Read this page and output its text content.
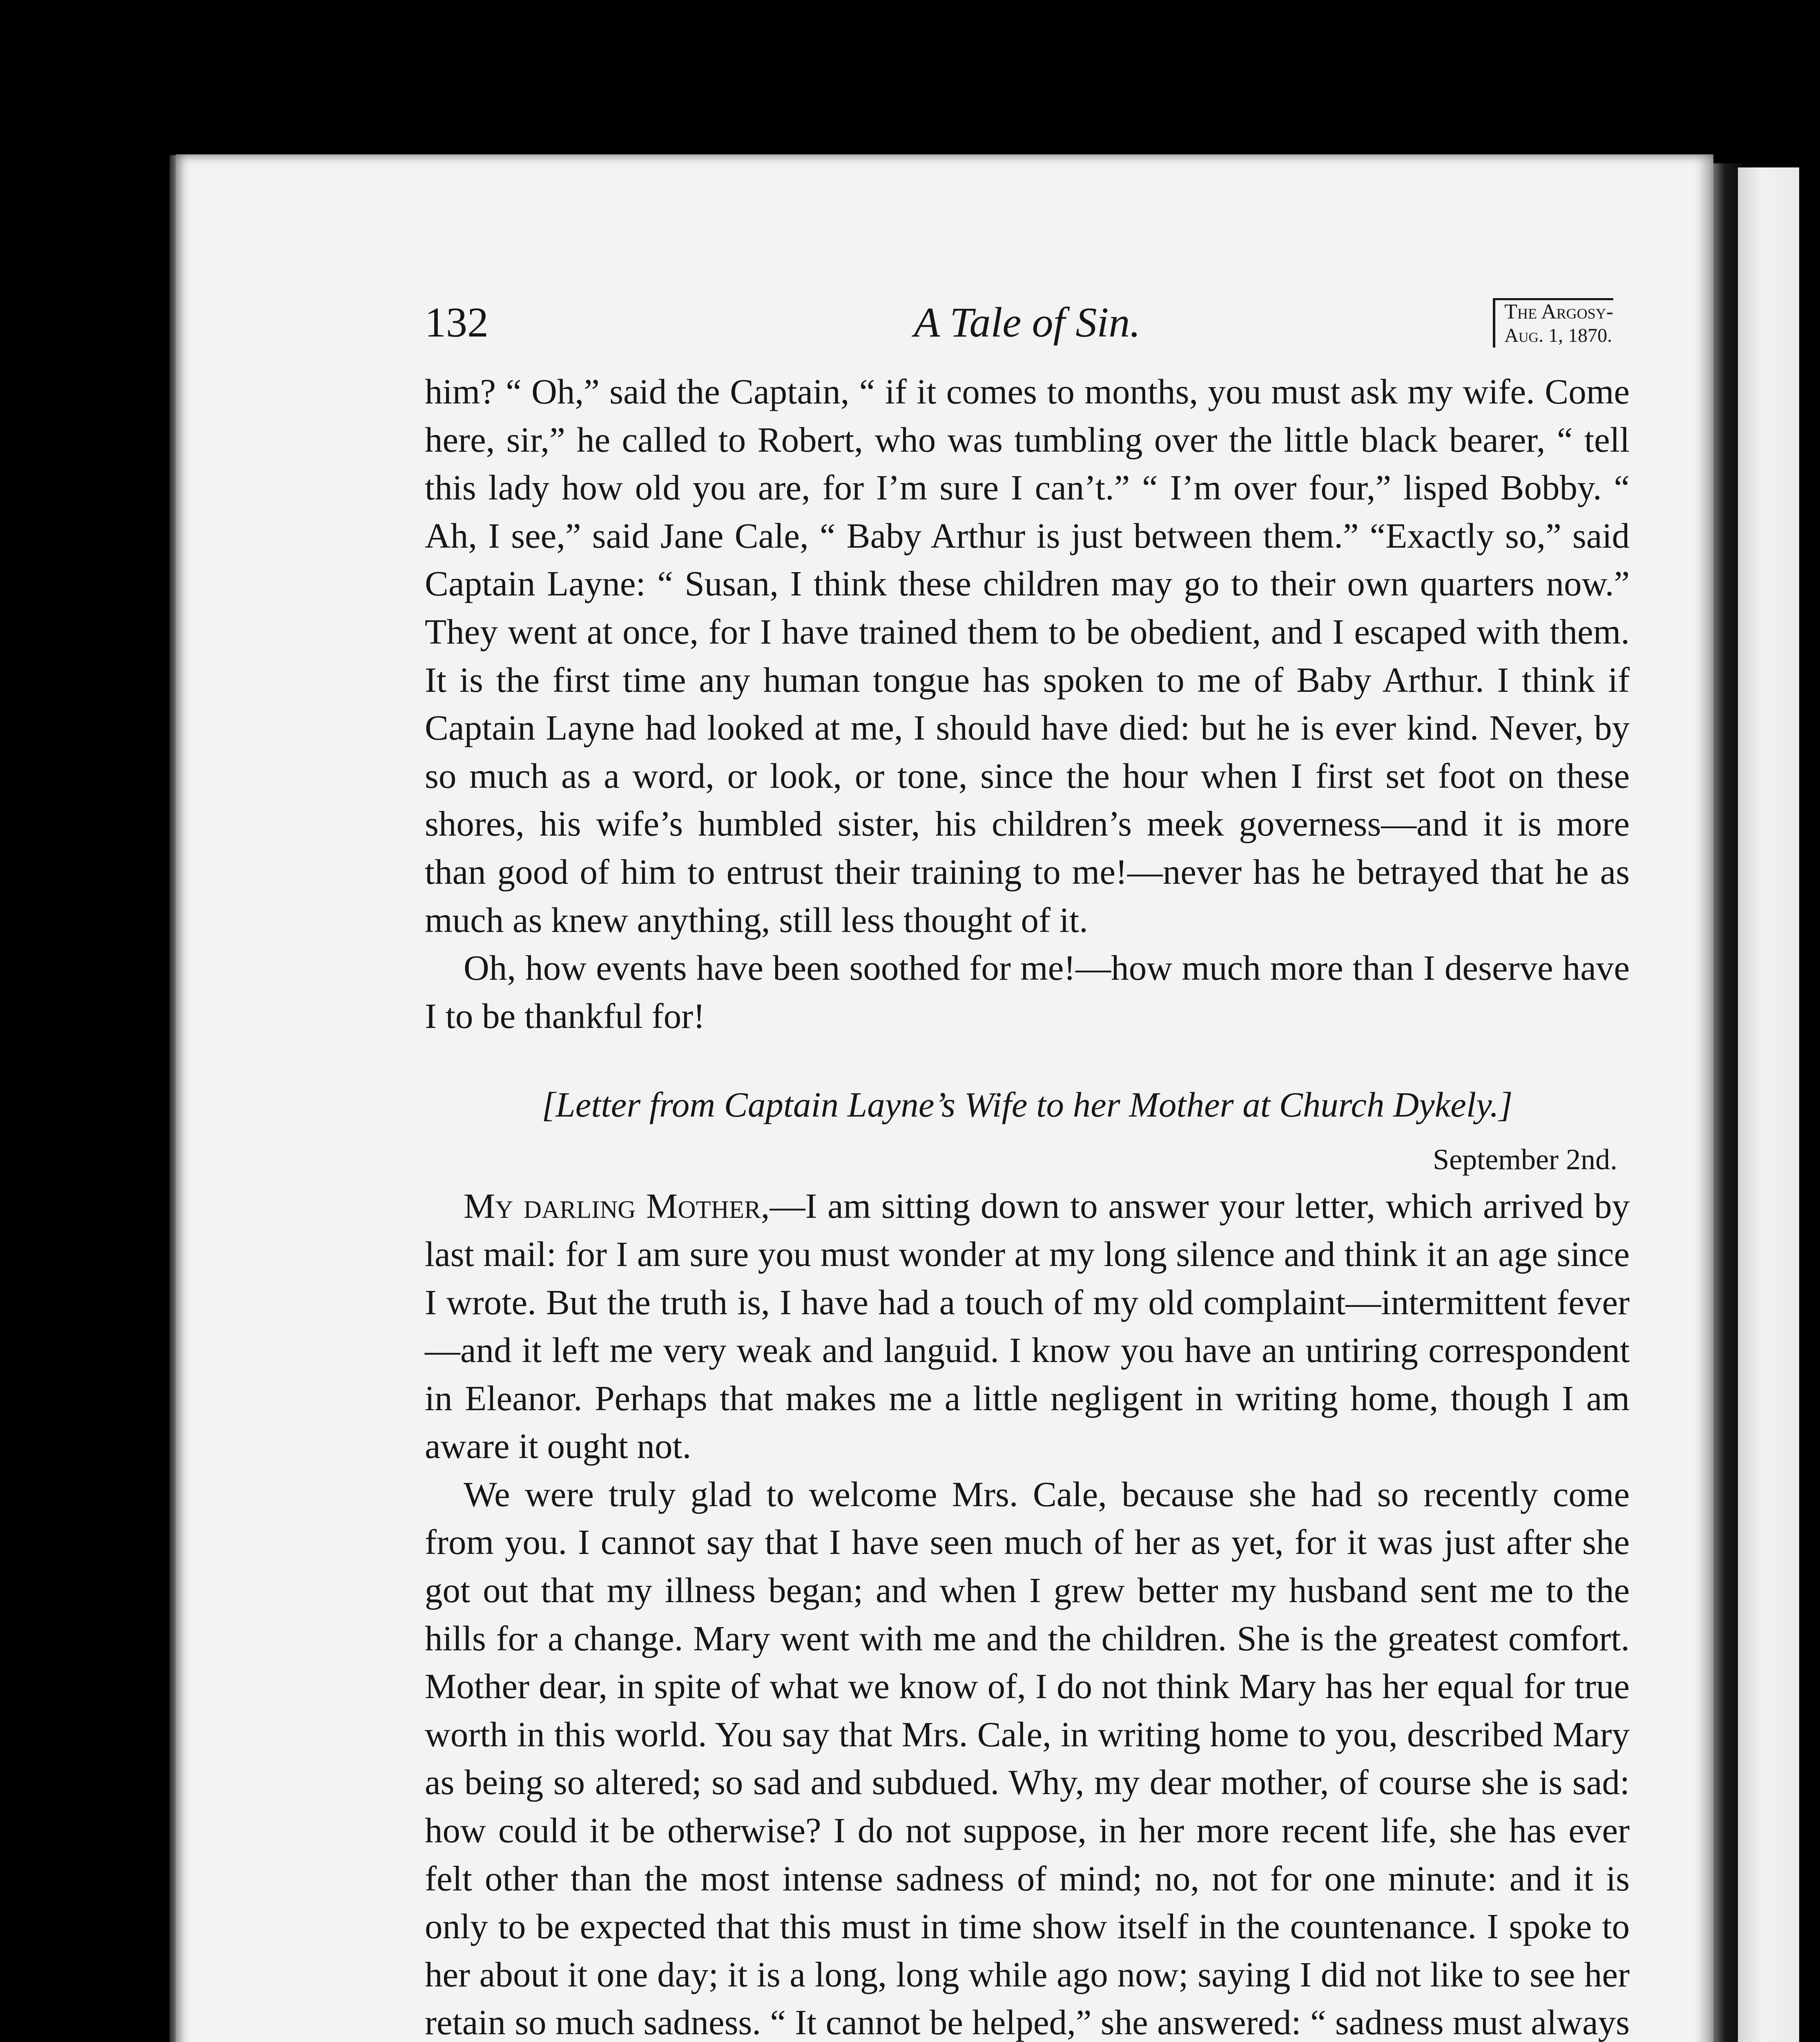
132	A Tale of Sin.	The Argosy-
Aug. 1, 1870.

him? “ Oh,” said the Captain, “ if it comes to months, you must ask my wife. Come here, sir,” he called to Robert, who was tumbling over the little black bearer, “ tell this lady how old you are, for I’m sure I can’t.” “ I’m over four,” lisped Bobby. “ Ah, I see,” said Jane Cale, “ Baby Arthur is just between them.” “Exactly so,” said Captain Layne: “ Susan, I think these children may go to their own quarters now.” They went at once, for I have trained them to be obedient, and I escaped with them. It is the first time any human tongue has spoken to me of Baby Arthur. I think if Captain Layne had looked at me, I should have died: but he is ever kind. Never, by so much as a word, or look, or tone, since the hour when I first set foot on these shores, his wife’s humbled sister, his children’s meek governess—and it is more than good of him to entrust their training to me!—never has he betrayed that he as much as knew anything, still less thought of it.

Oh, how events have been soothed for me!—how much more than I deserve have I to be thankful for!

[Letter from Captain Layne’s Wife to her Mother at Church Dykely.]

September 2nd.

My darling Mother,—I am sitting down to answer your letter, which arrived by last mail: for I am sure you must wonder at my long silence and think it an age since I wrote. But the truth is, I have had a touch of my old complaint—intermittent fever—and it left me very weak and languid. I know you have an untiring correspondent in Eleanor. Perhaps that makes me a little negligent in writing home, though I am aware it ought not.

We were truly glad to welcome Mrs. Cale, because she had so recently come from you. I cannot say that I have seen much of her as yet, for it was just after she got out that my illness began; and when I grew better my husband sent me to the hills for a change. Mary went with me and the children. She is the greatest comfort. Mother dear, in spite of what we know of, I do not think Mary has her equal for true worth in this world. You say that Mrs. Cale, in writing home to you, described Mary as being so altered; so sad and subdued. Why, my dear mother, of course she is sad: how could it be otherwise? I do not suppose, in her more recent life, she has ever felt other than the most intense sadness of mind; no, not for one minute: and it is only to be expected that this must in time show itself in the countenance. I spoke to her about it one day; it is a long, long while ago now; saying I did not like to see her retain so much sadness. “ It cannot be helped,” she answered: “ sadness must always
